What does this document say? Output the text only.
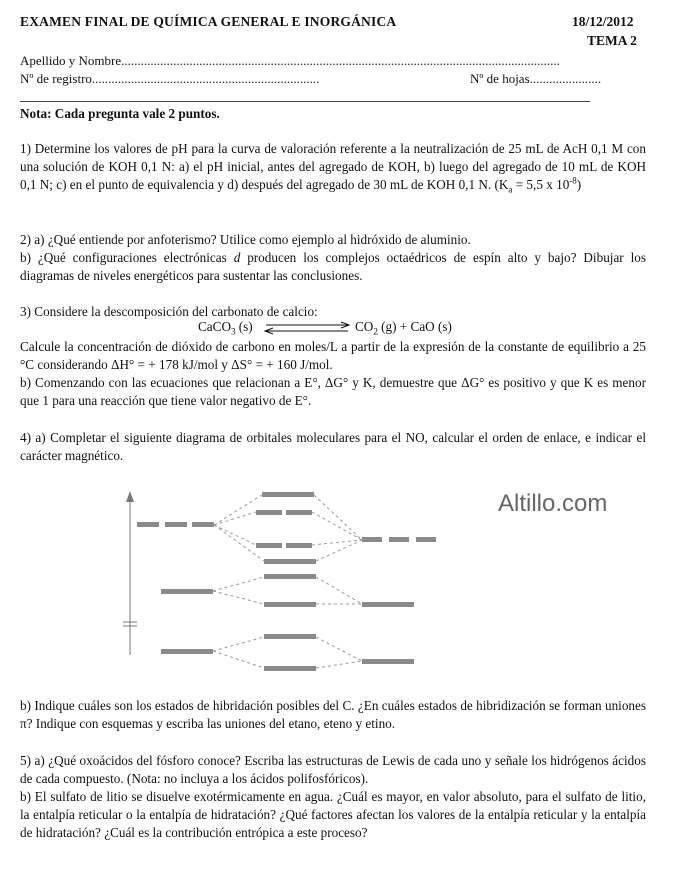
EXAMEN FINAL DE QUÍMICA GENERAL E INORGÁNICA	18/12/2012
TEMA 2
Apellido y Nombre.......................................................................................................................................
Nº de registro......................................................................	Nº de hojas......................
Nota: Cada pregunta vale 2 puntos.

1) Determine los valores de pH para la curva de valoración referente a la neutralización de 25 mL de AcH 0,1 M con una solución de KOH 0,1 N: a) el pH inicial, antes del agregado de KOH, b) luego del agregado de 10 mL de KOH 0,1 N; c) en el punto de equivalencia y d) después del agregado de 30 mL de KOH 0,1 N. ($K_a = 5,5$ x $10^{-8}$)

2) a) ¿Qué entiende por anfoterismo? Utilice como ejemplo al hidróxido de aluminio.

b) ¿Qué configuraciones electrónicas d producen los complejos octaédricos de espín alto y bajo? Dibujar los diagramas de niveles energéticos para sustentar las conclusiones.

3) Considere la descomposición del carbonato de calcio:

CaCO$_3$ (s)	$CO_2$ (g) + CaO (s)

Calcule la concentración de dióxido de carbono en moles/L a partir de la expresión de la constante de equilibrio a 25 °C considerando ΔH° = + 178 kJ/mol y ΔS° = + 160 J/mol.

b) Comenzando con las ecuaciones que relacionan a E°, ΔG° y K, demuestre que ΔG° es positivo y que K es menor que 1 para una reacción que tiene valor negativo de E°.

4) a) Completar el siguiente diagrama de orbitales moleculares para el NO, calcular el orden de enlace, e indicar el carácter magnético.

Altillo.com

b) Indique cuáles son los estados de hibridación posibles del C. ¿En cuáles estados de hibridización se forman uniones π? Indique con esquemas y escriba las uniones del etano, eteno y etino.

5) a) ¿Qué oxoácidos del fósforo conoce? Escriba las estructuras de Lewis de cada uno y señale los hidrógenos ácidos de cada compuesto. (Nota: no incluya a los ácidos polifosfóricos).

b) El sulfato de litio se disuelve exotérmicamente en agua. ¿Cuál es mayor, en valor absoluto, para el sulfato de litio, la entalpía reticular o la entalpía de hidratación? ¿Qué factores afectan los valores de la entalpía reticular y la entalpía de hidratación? ¿Cuál es la contribución entrópica a este proceso?
